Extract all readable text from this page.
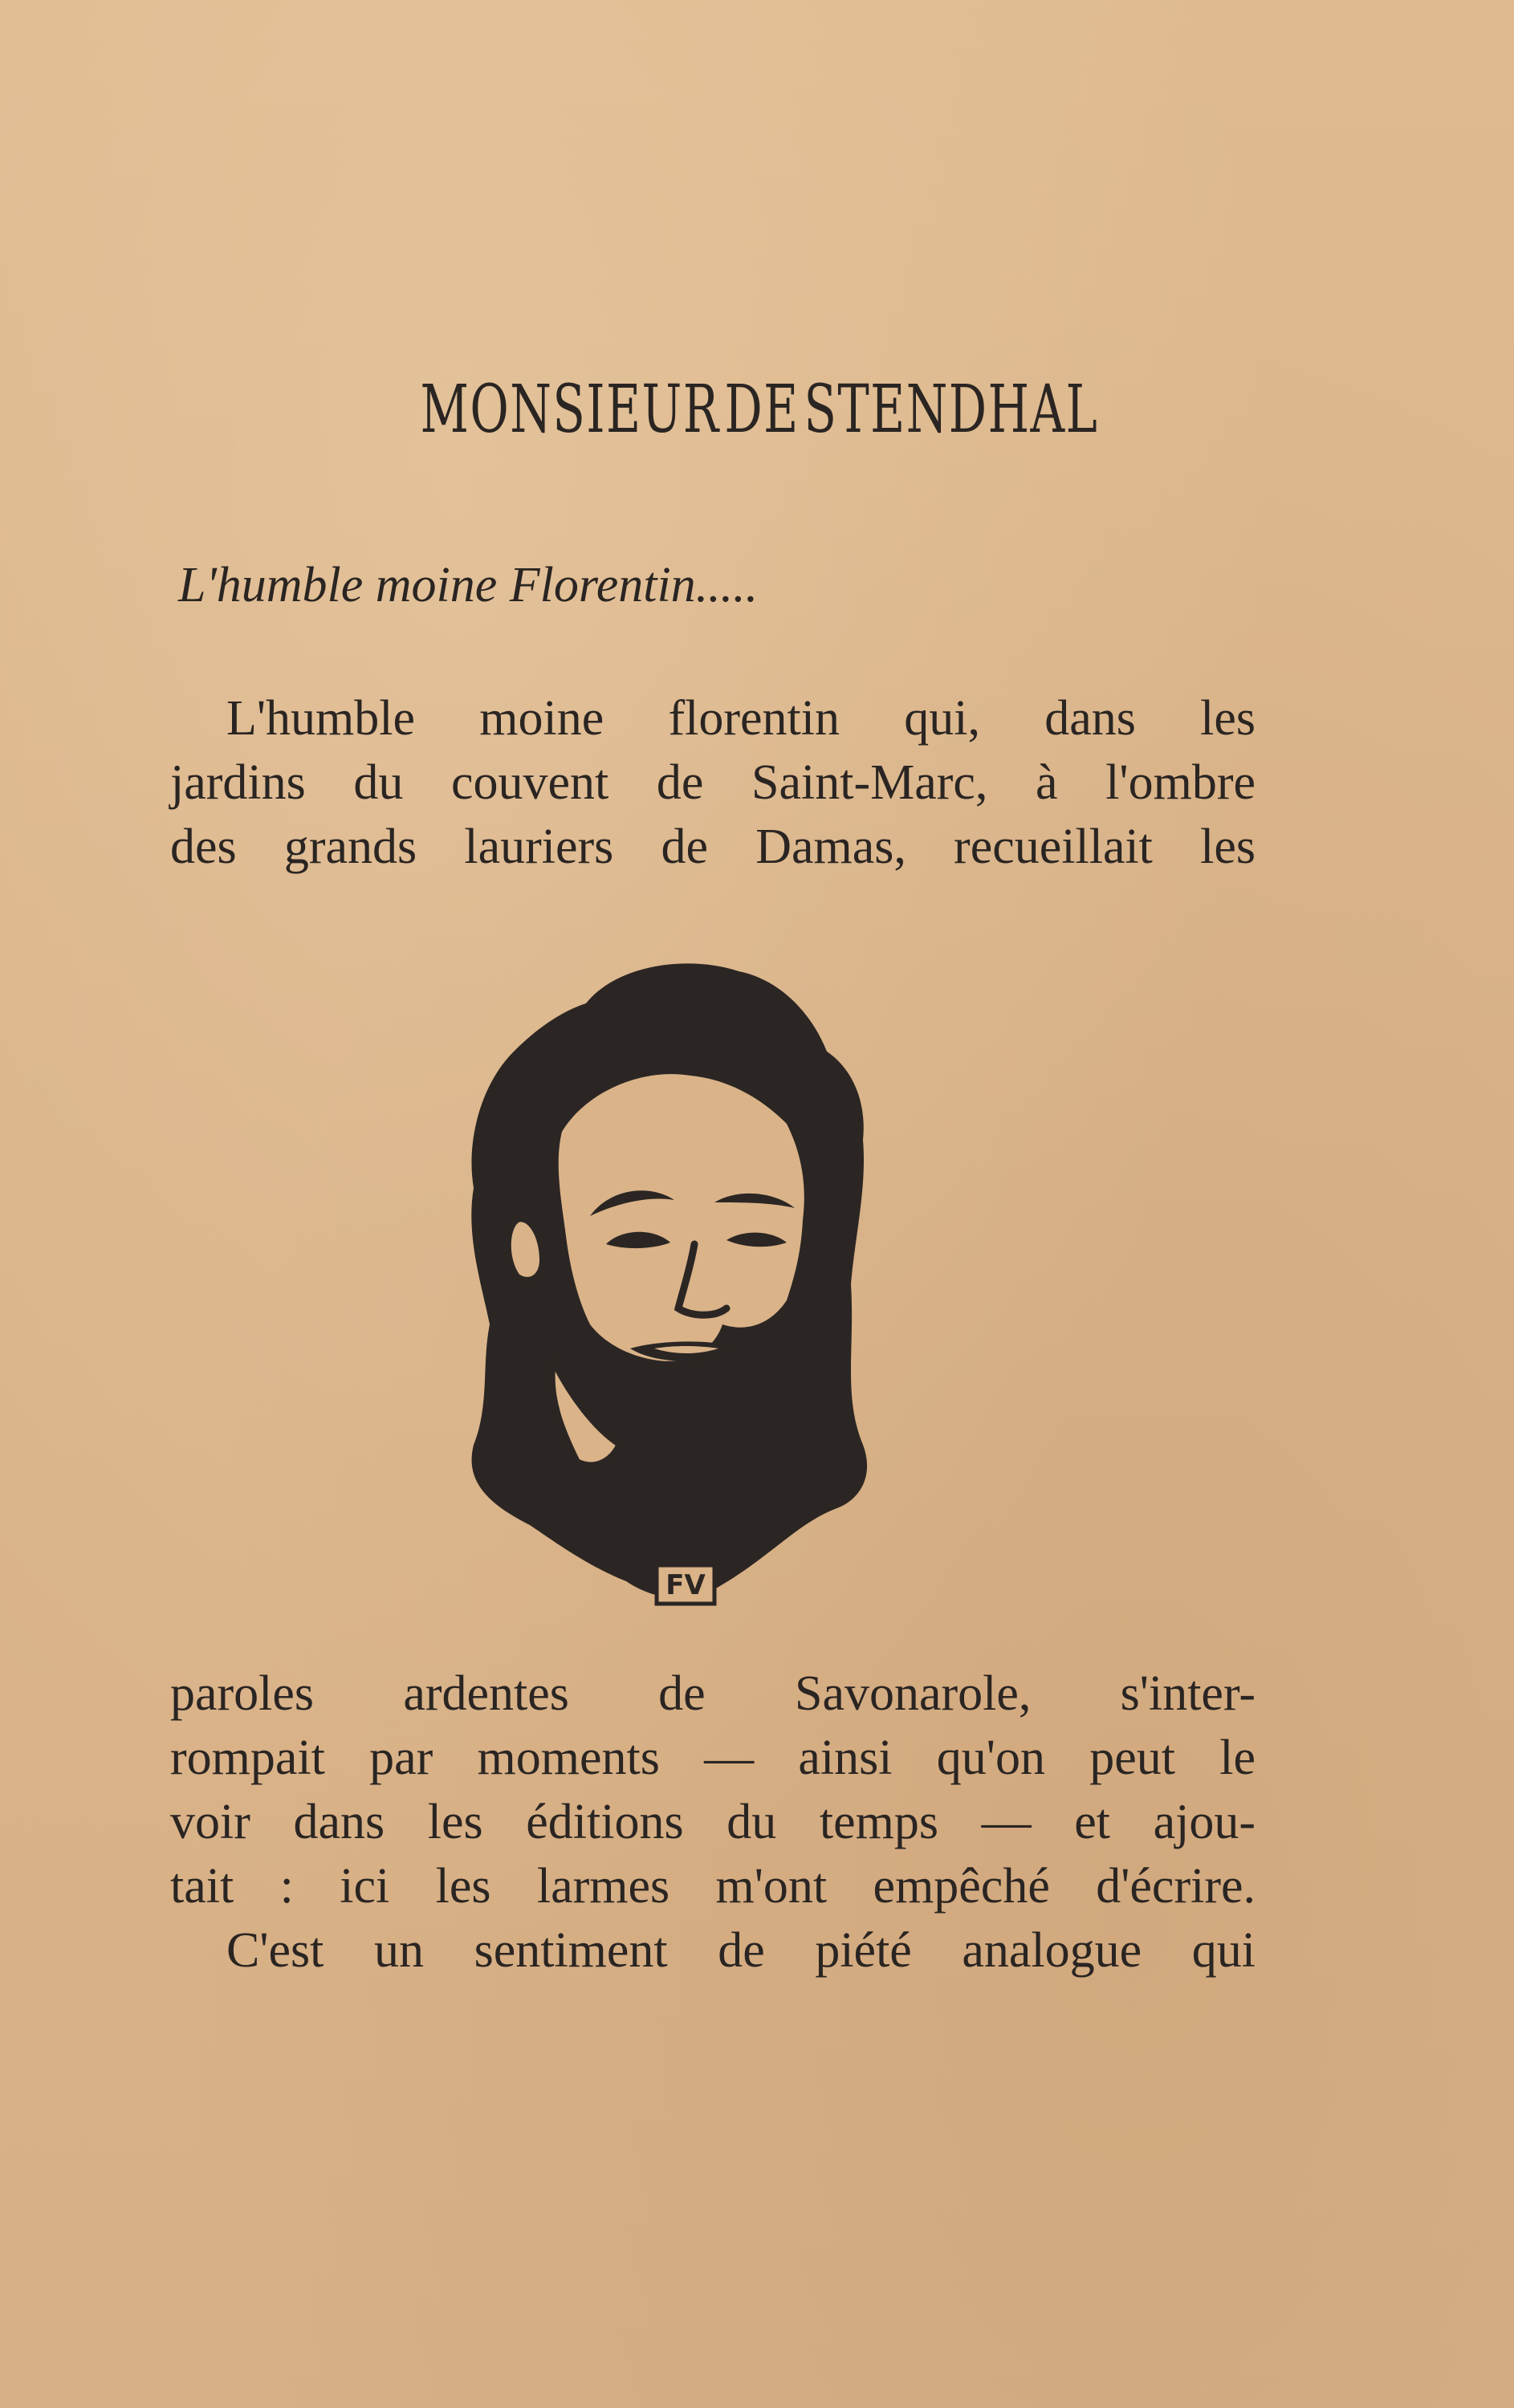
MONSIEURDESTENDHAL

L'humble moine Florentin.....

L'humble moine florentin qui, dans les
jardins du couvent de Saint-Marc, à l'ombre
des grands lauriers de Damas, recueillait les
FV
paroles ardentes de Savonarole, s'inter-
rompait par moments — ainsi qu'on peut le
voir dans les éditions du temps — et ajou-
tait : ici les larmes m'ont empêché d'écrire.
C'est un sentiment de piété analogue qui
